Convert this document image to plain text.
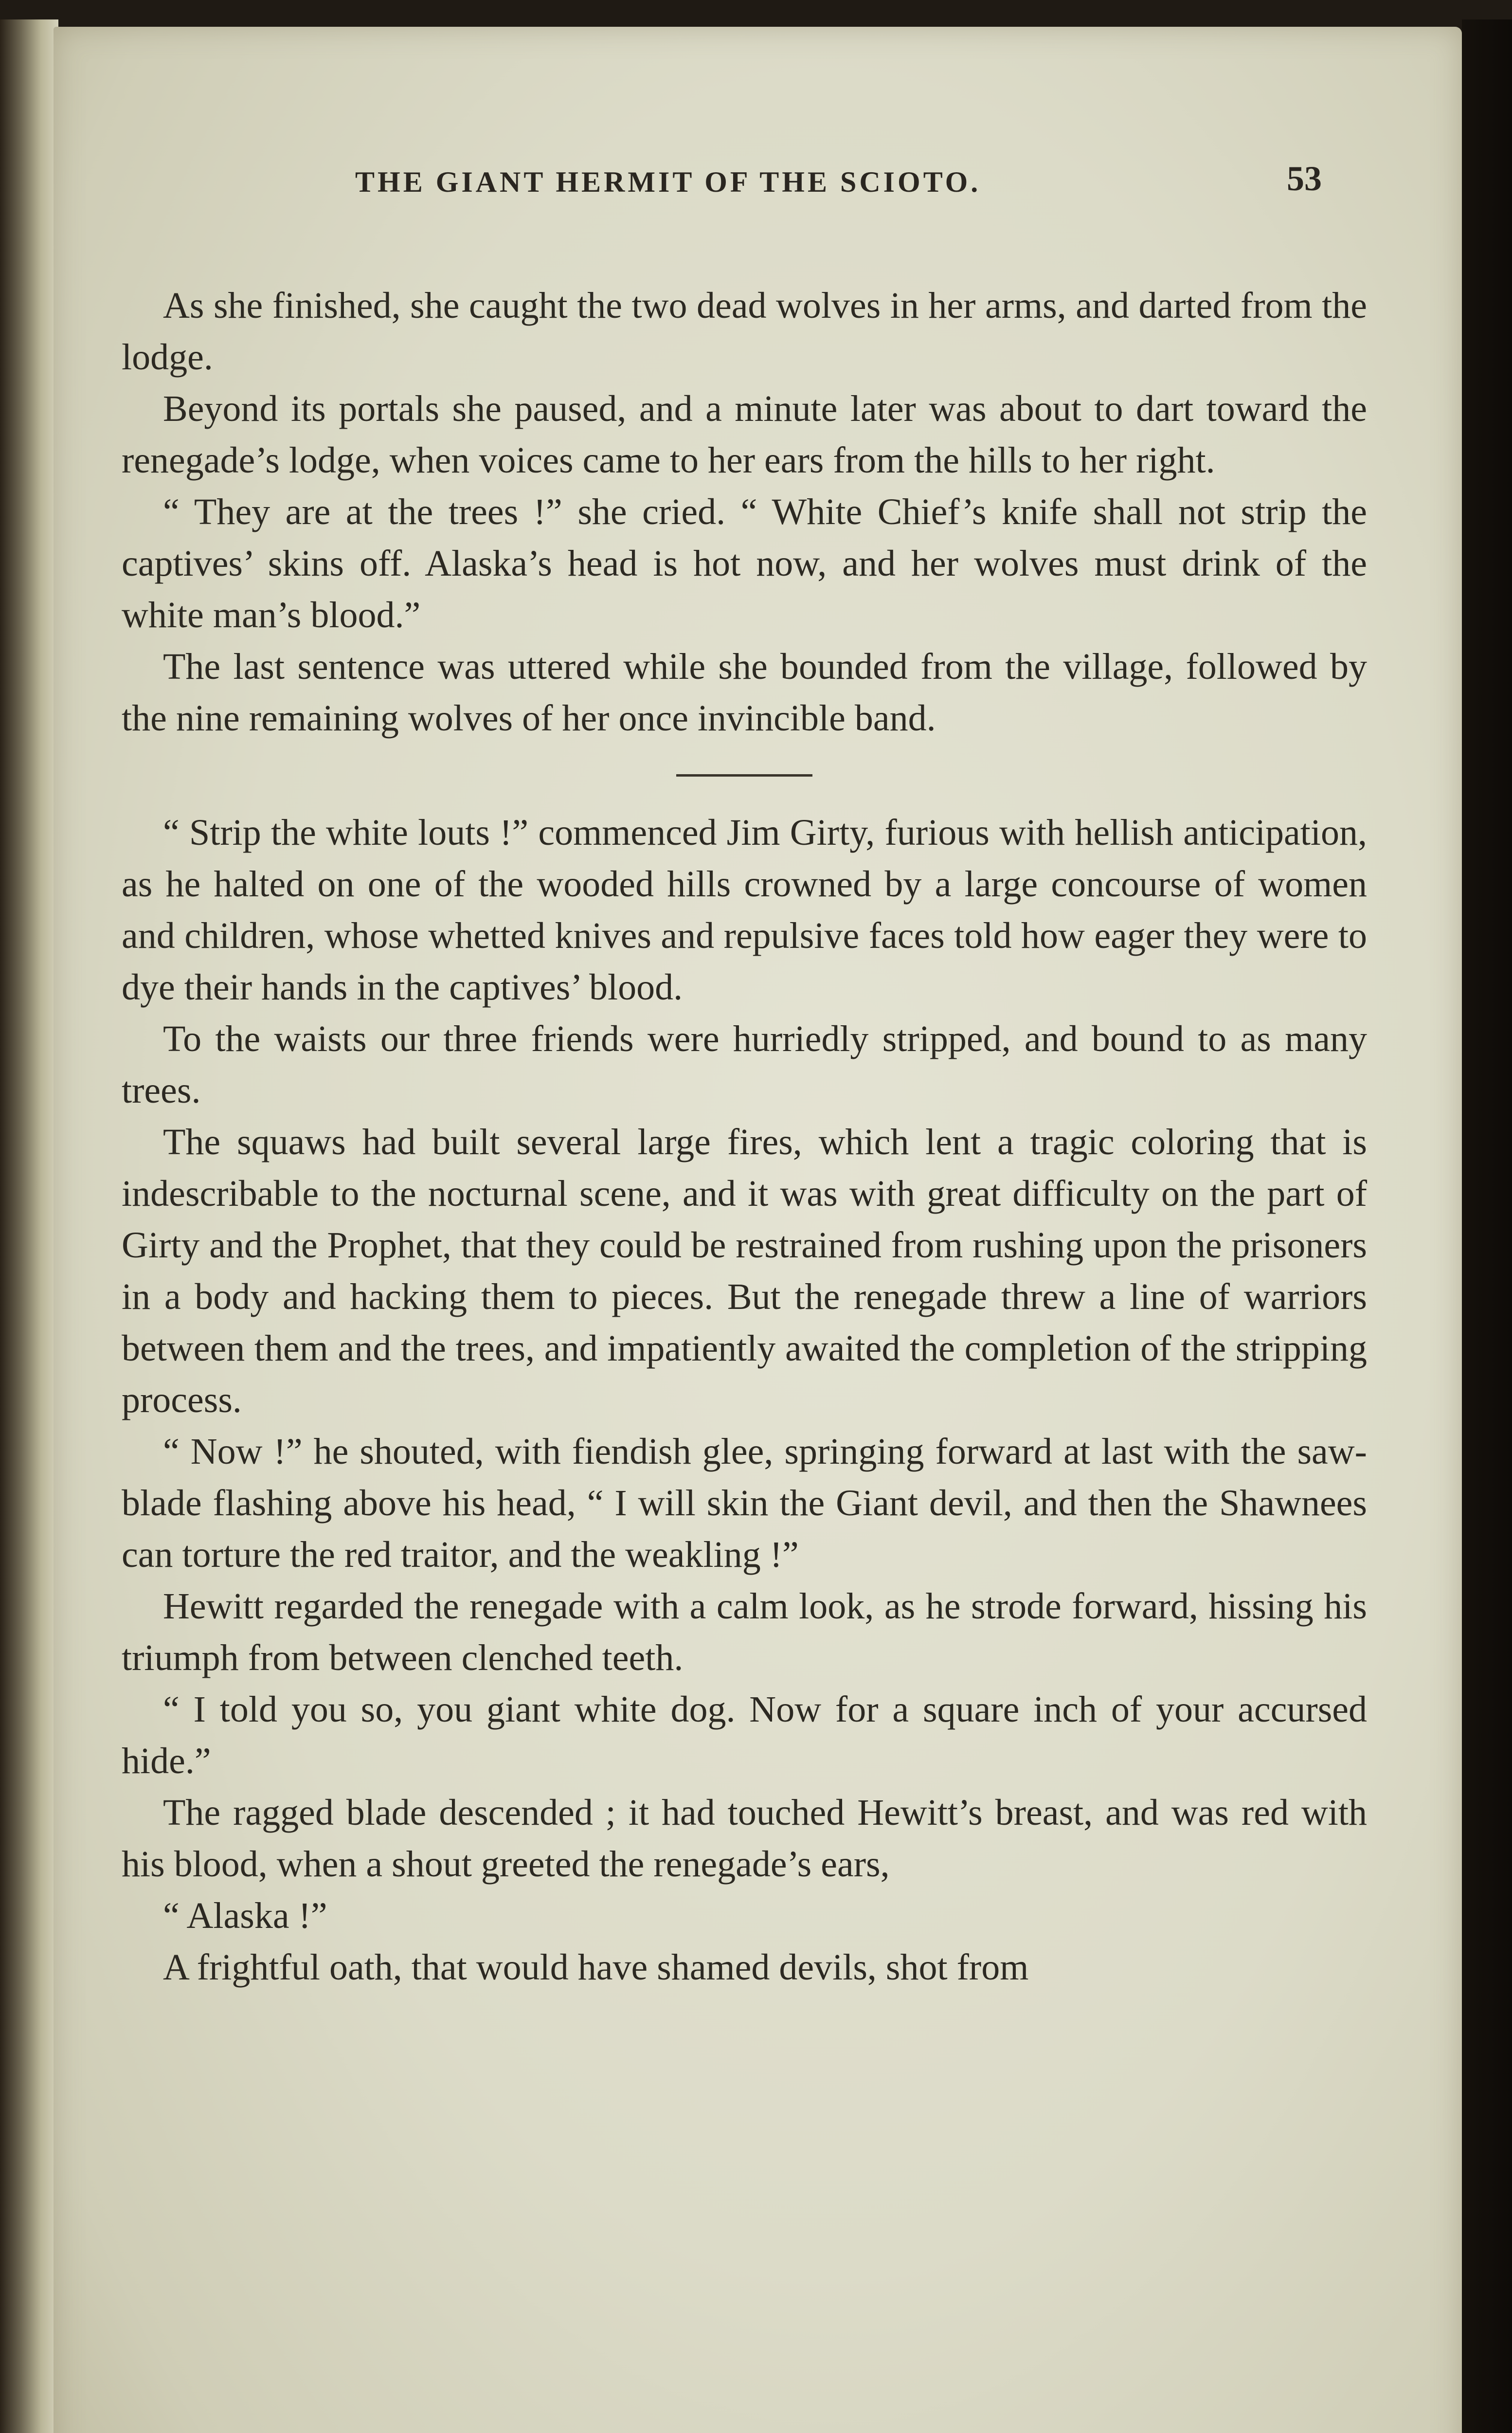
THE GIANT HERMIT OF THE SCIOTO.	53

As she finished, she caught the two dead wolves in her arms, and darted from the lodge.

Beyond its portals she paused, and a minute later was about to dart toward the renegade’s lodge, when voices came to her ears from the hills to her right.

“ They are at the trees !” she cried. “ White Chief’s knife shall not strip the captives’ skins off. Alaska’s head is hot now, and her wolves must drink of the white man’s blood.”

The last sentence was uttered while she bounded from the village, followed by the nine remaining wolves of her once invincible band.

“ Strip the white louts !” commenced Jim Girty, furious with hellish anticipation, as he halted on one of the wooded hills crowned by a large concourse of women and children, whose whetted knives and repulsive faces told how eager they were to dye their hands in the captives’ blood.

To the waists our three friends were hurriedly stripped, and bound to as many trees.

The squaws had built several large fires, which lent a tragic coloring that is indescribable to the nocturnal scene, and it was with great difficulty on the part of Girty and the Prophet, that they could be restrained from rushing upon the prisoners in a body and hacking them to pieces. But the renegade threw a line of warriors between them and the trees, and impatiently awaited the completion of the stripping process.

“ Now !” he shouted, with fiendish glee, springing forward at last with the saw-blade flashing above his head, “ I will skin the Giant devil, and then the Shawnees can torture the red traitor, and the weakling !”

Hewitt regarded the renegade with a calm look, as he strode forward, hissing his triumph from between clenched teeth.

“ I told you so, you giant white dog. Now for a square inch of your accursed hide.”

The ragged blade descended ; it had touched Hewitt’s breast, and was red with his blood, when a shout greeted the renegade’s ears,

“ Alaska !”

A frightful oath, that would have shamed devils, shot from
